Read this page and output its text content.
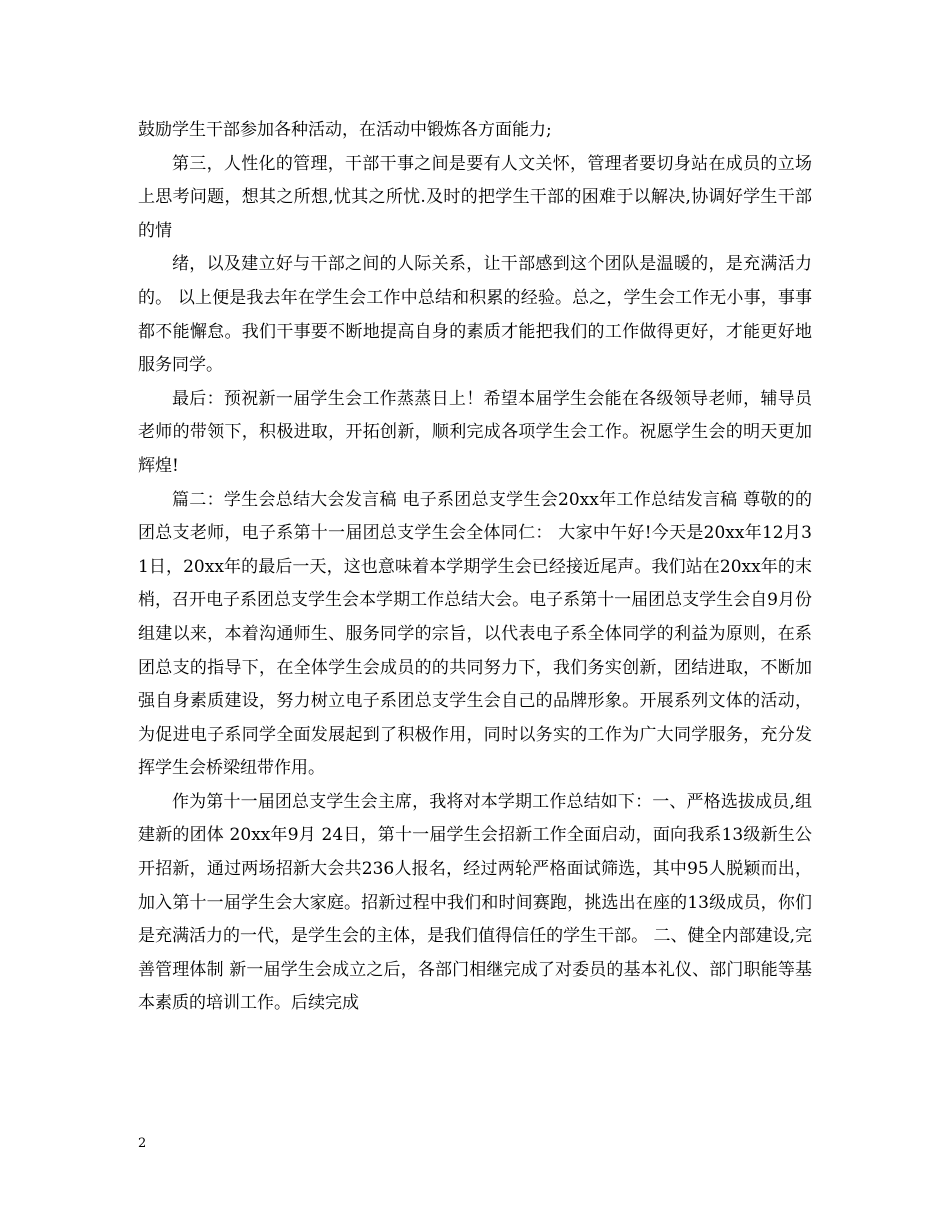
鼓励学生干部参加各种活动，在活动中锻炼各方面能力;

第三，人性化的管理，干部干事之间是要有人文关怀，管理者要切身站在成员的立场上思考问题，想其之所想,忧其之所忧.及时的把学生干部的困难于以解决,协调好学生干部的情

绪，以及建立好与干部之间的人际关系，让干部感到这个团队是温暖的，是充满活力的。 以上便是我去年在学生会工作中总结和积累的经验。总之，学生会工作无小事，事事都不能懈怠。我们干事要不断地提高自身的素质才能把我们的工作做得更好，才能更好地服务同学。

最后：预祝新一届学生会工作蒸蒸日上！希望本届学生会能在各级领导老师，辅导员老师的带领下，积极进取，开拓创新，顺利完成各项学生会工作。祝愿学生会的明天更加辉煌!

篇二：学生会总结大会发言稿 电子系团总支学生会20xx年工作总结发言稿 尊敬的的团总支老师，电子系第十一届团总支学生会全体同仁： 大家中午好!今天是20xx年12月31日，20xx年的最后一天，这也意味着本学期学生会已经接近尾声。我们站在20xx年的末梢，召开电子系团总支学生会本学期工作总结大会。电子系第十一届团总支学生会自9月份组建以来，本着沟通师生、服务同学的宗旨，以代表电子系全体同学的利益为原则，在系团总支的指导下，在全体学生会成员的的共同努力下，我们务实创新，团结进取，不断加强自身素质建设，努力树立电子系团总支学生会自己的品牌形象。开展系列文体的活动，为促进电子系同学全面发展起到了积极作用，同时以务实的工作为广大同学服务，充分发挥学生会桥梁纽带作用。

作为第十一届团总支学生会主席，我将对本学期工作总结如下：一、严格选拔成员,组建新的团体 20xx年9月 24日，第十一届学生会招新工作全面启动，面向我系13级新生公开招新，通过两场招新大会共236人报名，经过两轮严格面试筛选，其中95人脱颖而出，加入第十一届学生会大家庭。招新过程中我们和时间赛跑，挑选出在座的13级成员，你们是充满活力的一代，是学生会的主体，是我们值得信任的学生干部。 二、健全内部建设,完善管理体制 新一届学生会成立之后，各部门相继完成了对委员的基本礼仪、部门职能等基本素质的培训工作。后续完成

2
